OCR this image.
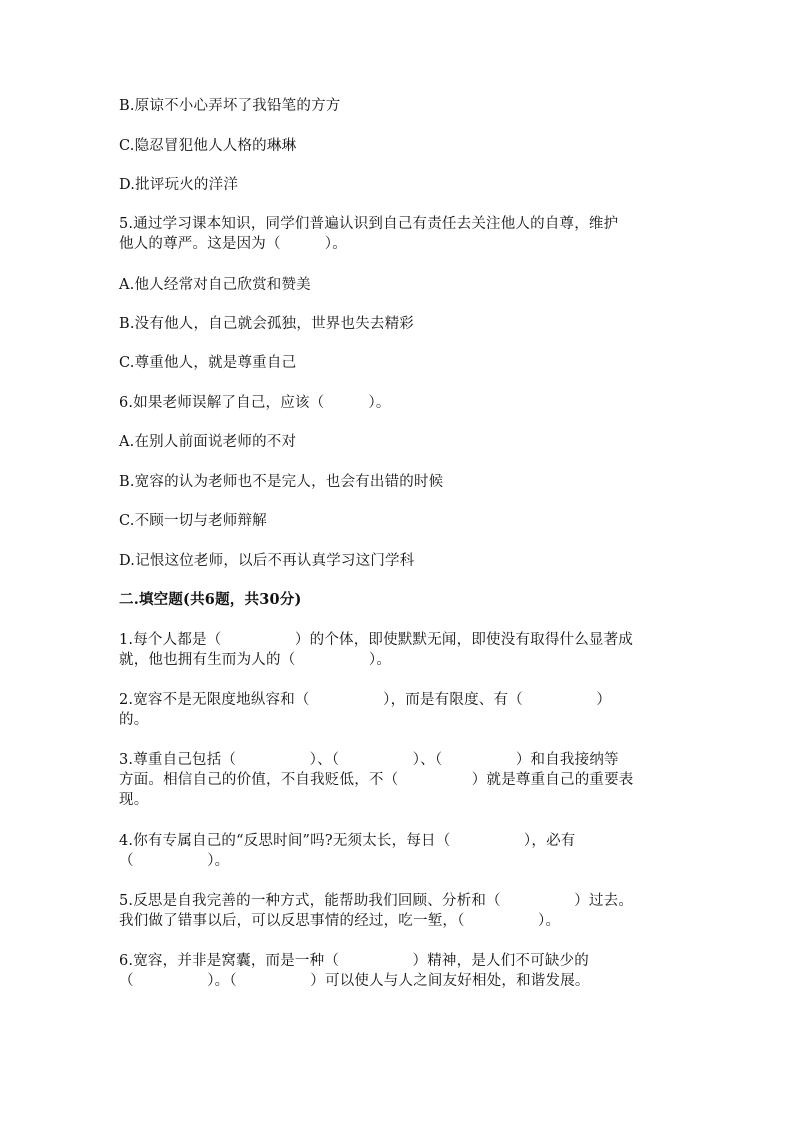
B.原谅不小心弄坏了我铅笔的方方
C.隐忍冒犯他人人格的琳琳
D.批评玩火的洋洋
5.通过学习课本知识，同学们普遍认识到自己有责任去关注他人的自尊，维护
他人的尊严。这是因为（　　　）。
A.他人经常对自己欣赏和赞美
B.没有他人，自己就会孤独，世界也失去精彩
C.尊重他人，就是尊重自己
6.如果老师误解了自己，应该（　　　）。
A.在别人前面说老师的不对
B.宽容的认为老师也不是完人，也会有出错的时候
C.不顾一切与老师辩解
D.记恨这位老师，以后不再认真学习这门学科
二.填空题(共6题，共30分)
1.每个人都是（　　　　　）的个体，即使默默无闻，即使没有取得什么显著成
就，他也拥有生而为人的（　　　　　）。
2.宽容不是无限度地纵容和（　　　　　），而是有限度、有（　　　　　）
的。
3.尊重自己包括（　　　　　）、（　　　　　）、（　　　　　）和自我接纳等
方面。相信自己的价值，不自我贬低，不（　　　　　）就是尊重自己的重要表
现。
4.你有专属自己的“反思时间”吗?无须太长，每日（　　　　　），必有
（　　　　　）。
5.反思是自我完善的一种方式，能帮助我们回顾、分析和（　　　　　）过去。
我们做了错事以后，可以反思事情的经过，吃一堑，（　　　　　）。
6.宽容，并非是窝囊，而是一种（　　　　　）精神，是人们不可缺少的
（　　　　　）。（　　　　　）可以使人与人之间友好相处，和谐发展。
